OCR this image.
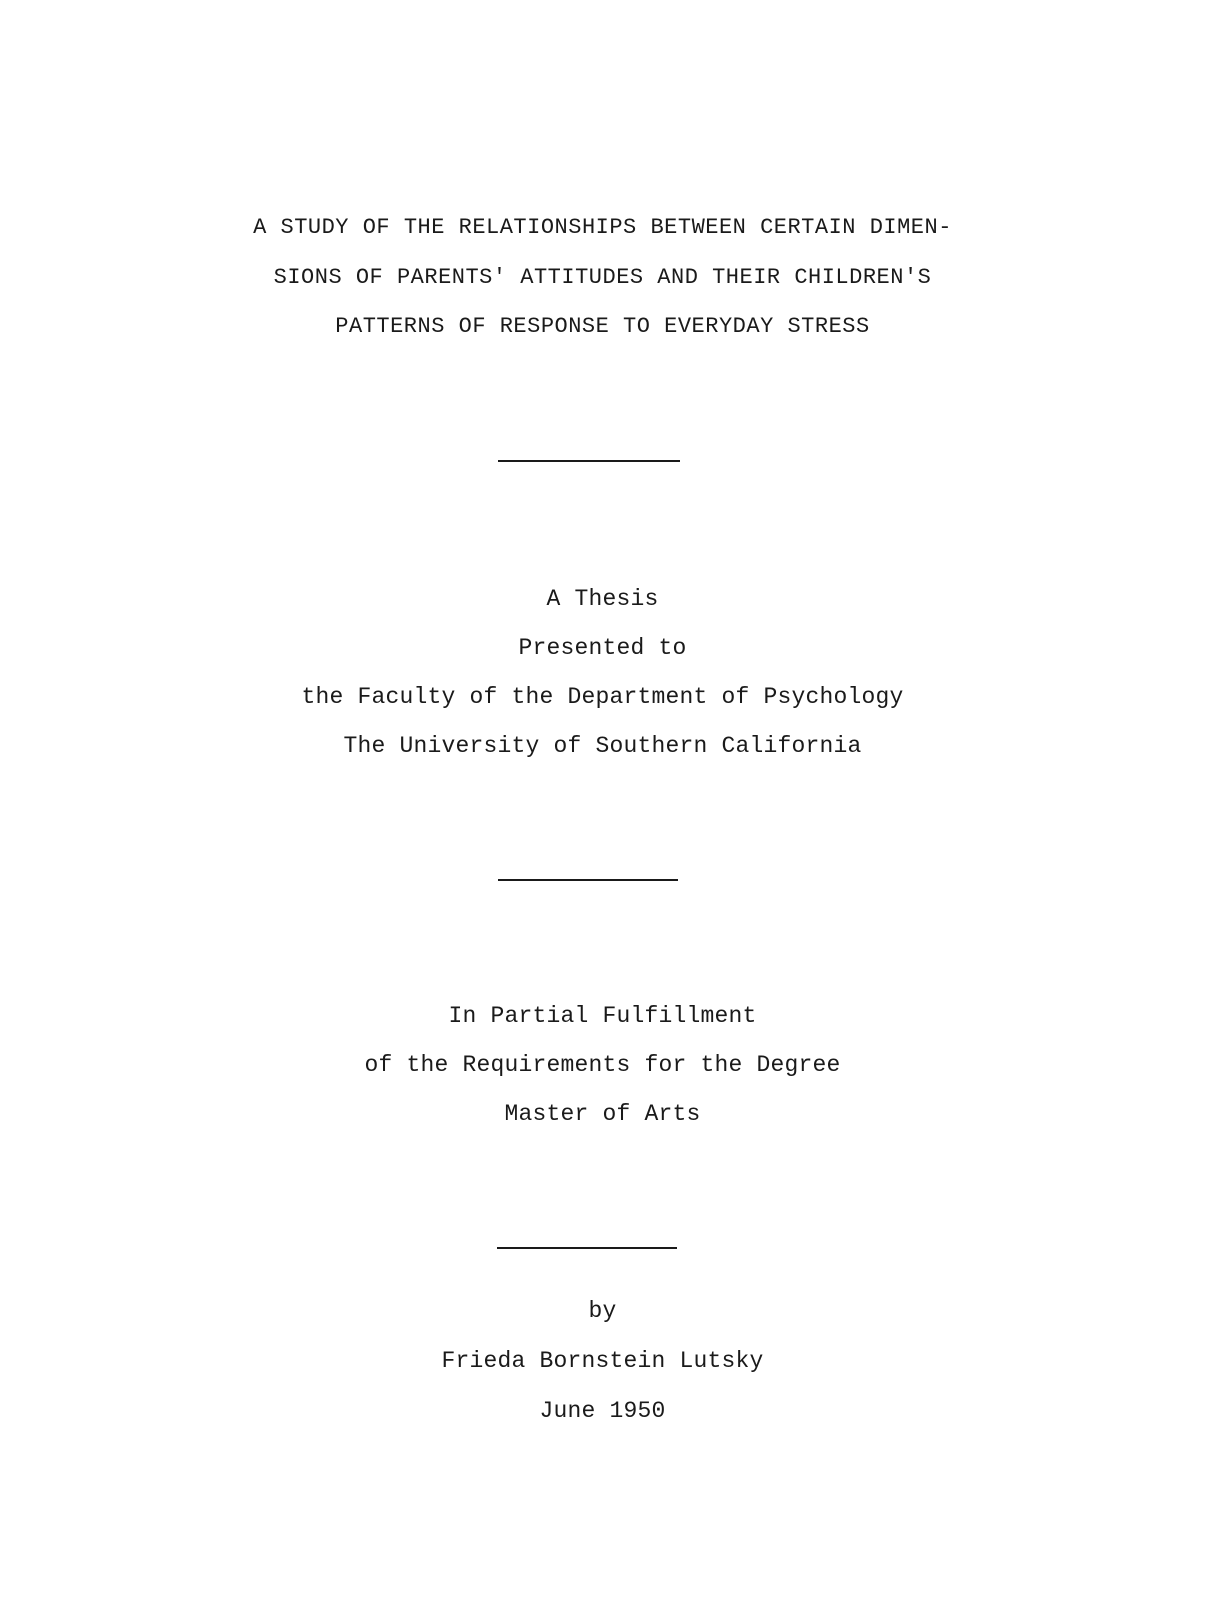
A STUDY OF THE RELATIONSHIPS BETWEEN CERTAIN DIMEN-
SIONS OF PARENTS' ATTITUDES AND THEIR CHILDREN'S
PATTERNS OF RESPONSE TO EVERYDAY STRESS
A Thesis
Presented to
the Faculty of the Department of Psychology
The University of Southern California
In Partial Fulfillment
of the Requirements for the Degree
Master of Arts
by
Frieda Bornstein Lutsky
June 1950
